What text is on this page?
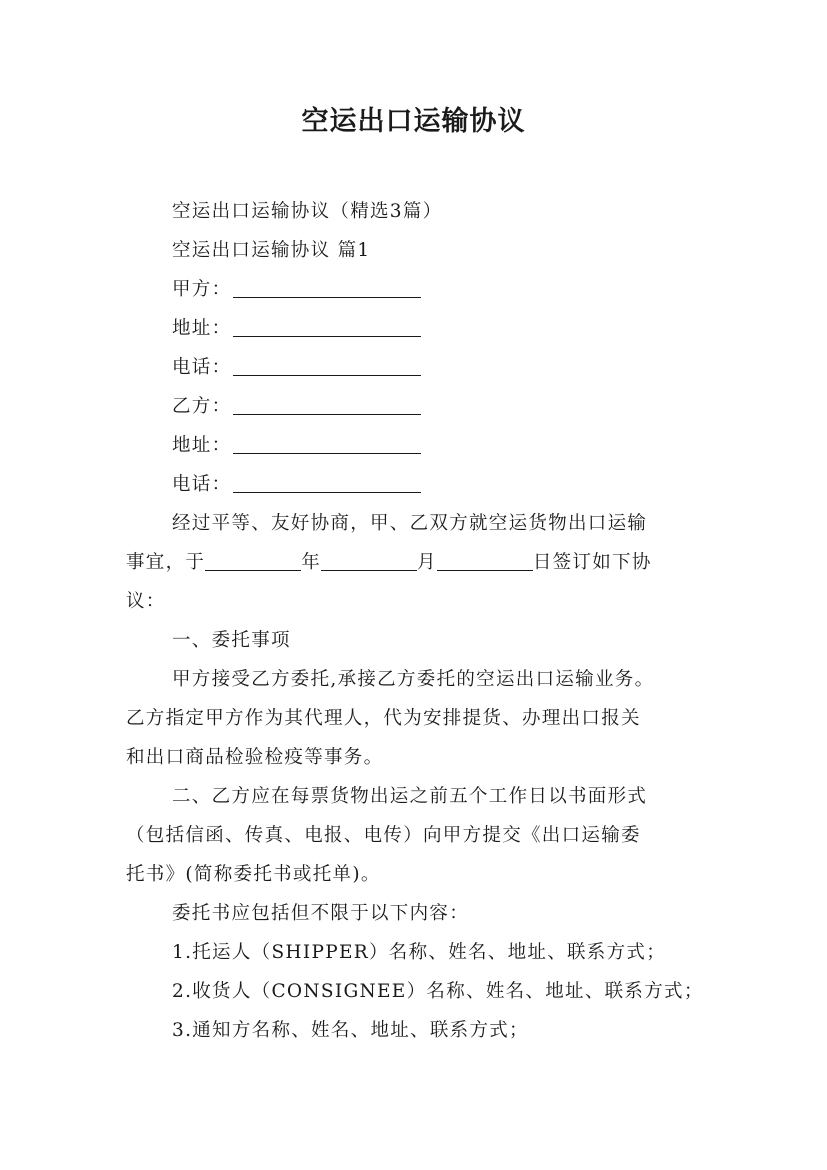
空运出口运输协议

空运出口运输协议（精选3篇）

空运出口运输协议 篇1

甲方：

地址：

电话：

乙方：

地址：

电话：

经过平等、友好协商，甲、乙双方就空运货物出口运输

事宜，于	年	月	日签订如下协

议：

一、委托事项

甲方接受乙方委托,承接乙方委托的空运出口运输业务。

乙方指定甲方作为其代理人，代为安排提货、办理出口报关

和出口商品检验检疫等事务。

二、乙方应在每票货物出运之前五个工作日以书面形式

（包括信函、传真、电报、电传）向甲方提交《出口运输委

托书》(简称委托书或托单)。

委托书应包括但不限于以下内容：

1.托运人（SHIPPER）名称、姓名、地址、联系方式；

2.收货人（CONSIGNEE）名称、姓名、地址、联系方式；

3.通知方名称、姓名、地址、联系方式；
